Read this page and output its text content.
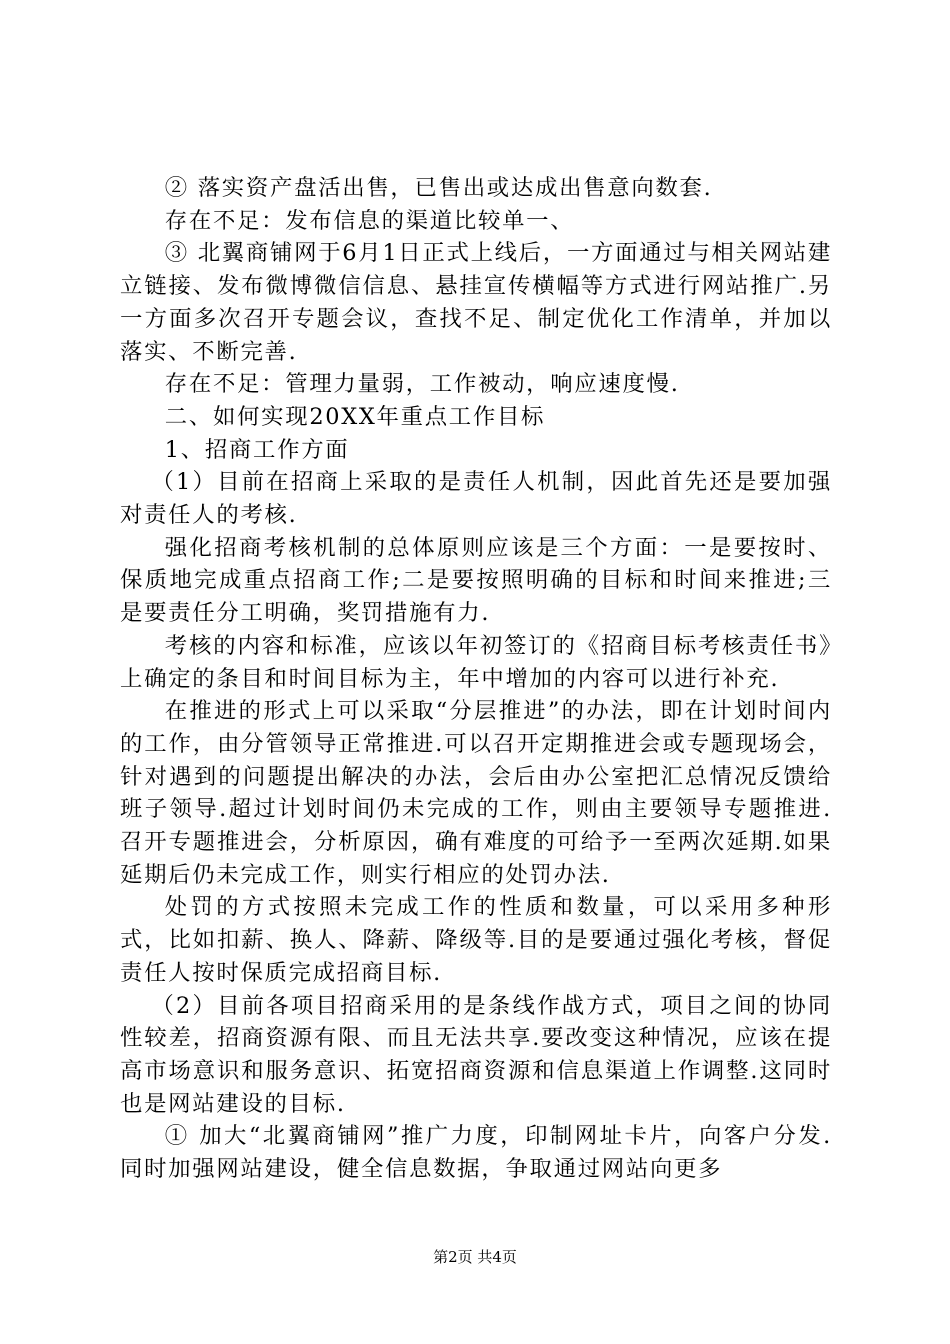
② 落实资产盘活出售，已售出或达成出售意向数套.

存在不足：发布信息的渠道比较单一、

③ 北翼商铺网于6月1日正式上线后，一方面通过与相关网站建立链接、发布微博微信信息、悬挂宣传横幅等方式进行网站推广.另一方面多次召开专题会议，查找不足、制定优化工作清单，并加以落实、不断完善.

存在不足：管理力量弱，工作被动，响应速度慢.

二、如何实现20XX年重点工作目标

1、招商工作方面

（1）目前在招商上采取的是责任人机制，因此首先还是要加强对责任人的考核.

强化招商考核机制的总体原则应该是三个方面：一是要按时、保质地完成重点招商工作;二是要按照明确的目标和时间来推进;三是要责任分工明确，奖罚措施有力.

考核的内容和标准，应该以年初签订的《招商目标考核责任书》上确定的条目和时间目标为主，年中增加的内容可以进行补充.

在推进的形式上可以采取“分层推进”的办法，即在计划时间内的工作，由分管领导正常推进.可以召开定期推进会或专题现场会，针对遇到的问题提出解决的办法，会后由办公室把汇总情况反馈给班子领导.超过计划时间仍未完成的工作，则由主要领导专题推进.召开专题推进会，分析原因，确有难度的可给予一至两次延期.如果延期后仍未完成工作，则实行相应的处罚办法.

处罚的方式按照未完成工作的性质和数量，可以采用多种形式，比如扣薪、换人、降薪、降级等.目的是要通过强化考核，督促责任人按时保质完成招商目标.

（2）目前各项目招商采用的是条线作战方式，项目之间的协同性较差，招商资源有限、而且无法共享.要改变这种情况，应该在提高市场意识和服务意识、拓宽招商资源和信息渠道上作调整.这同时也是网站建设的目标.

① 加大“北翼商铺网”推广力度，印制网址卡片，向客户分发.同时加强网站建设，健全信息数据，争取通过网站向更多

第2页 共4页
